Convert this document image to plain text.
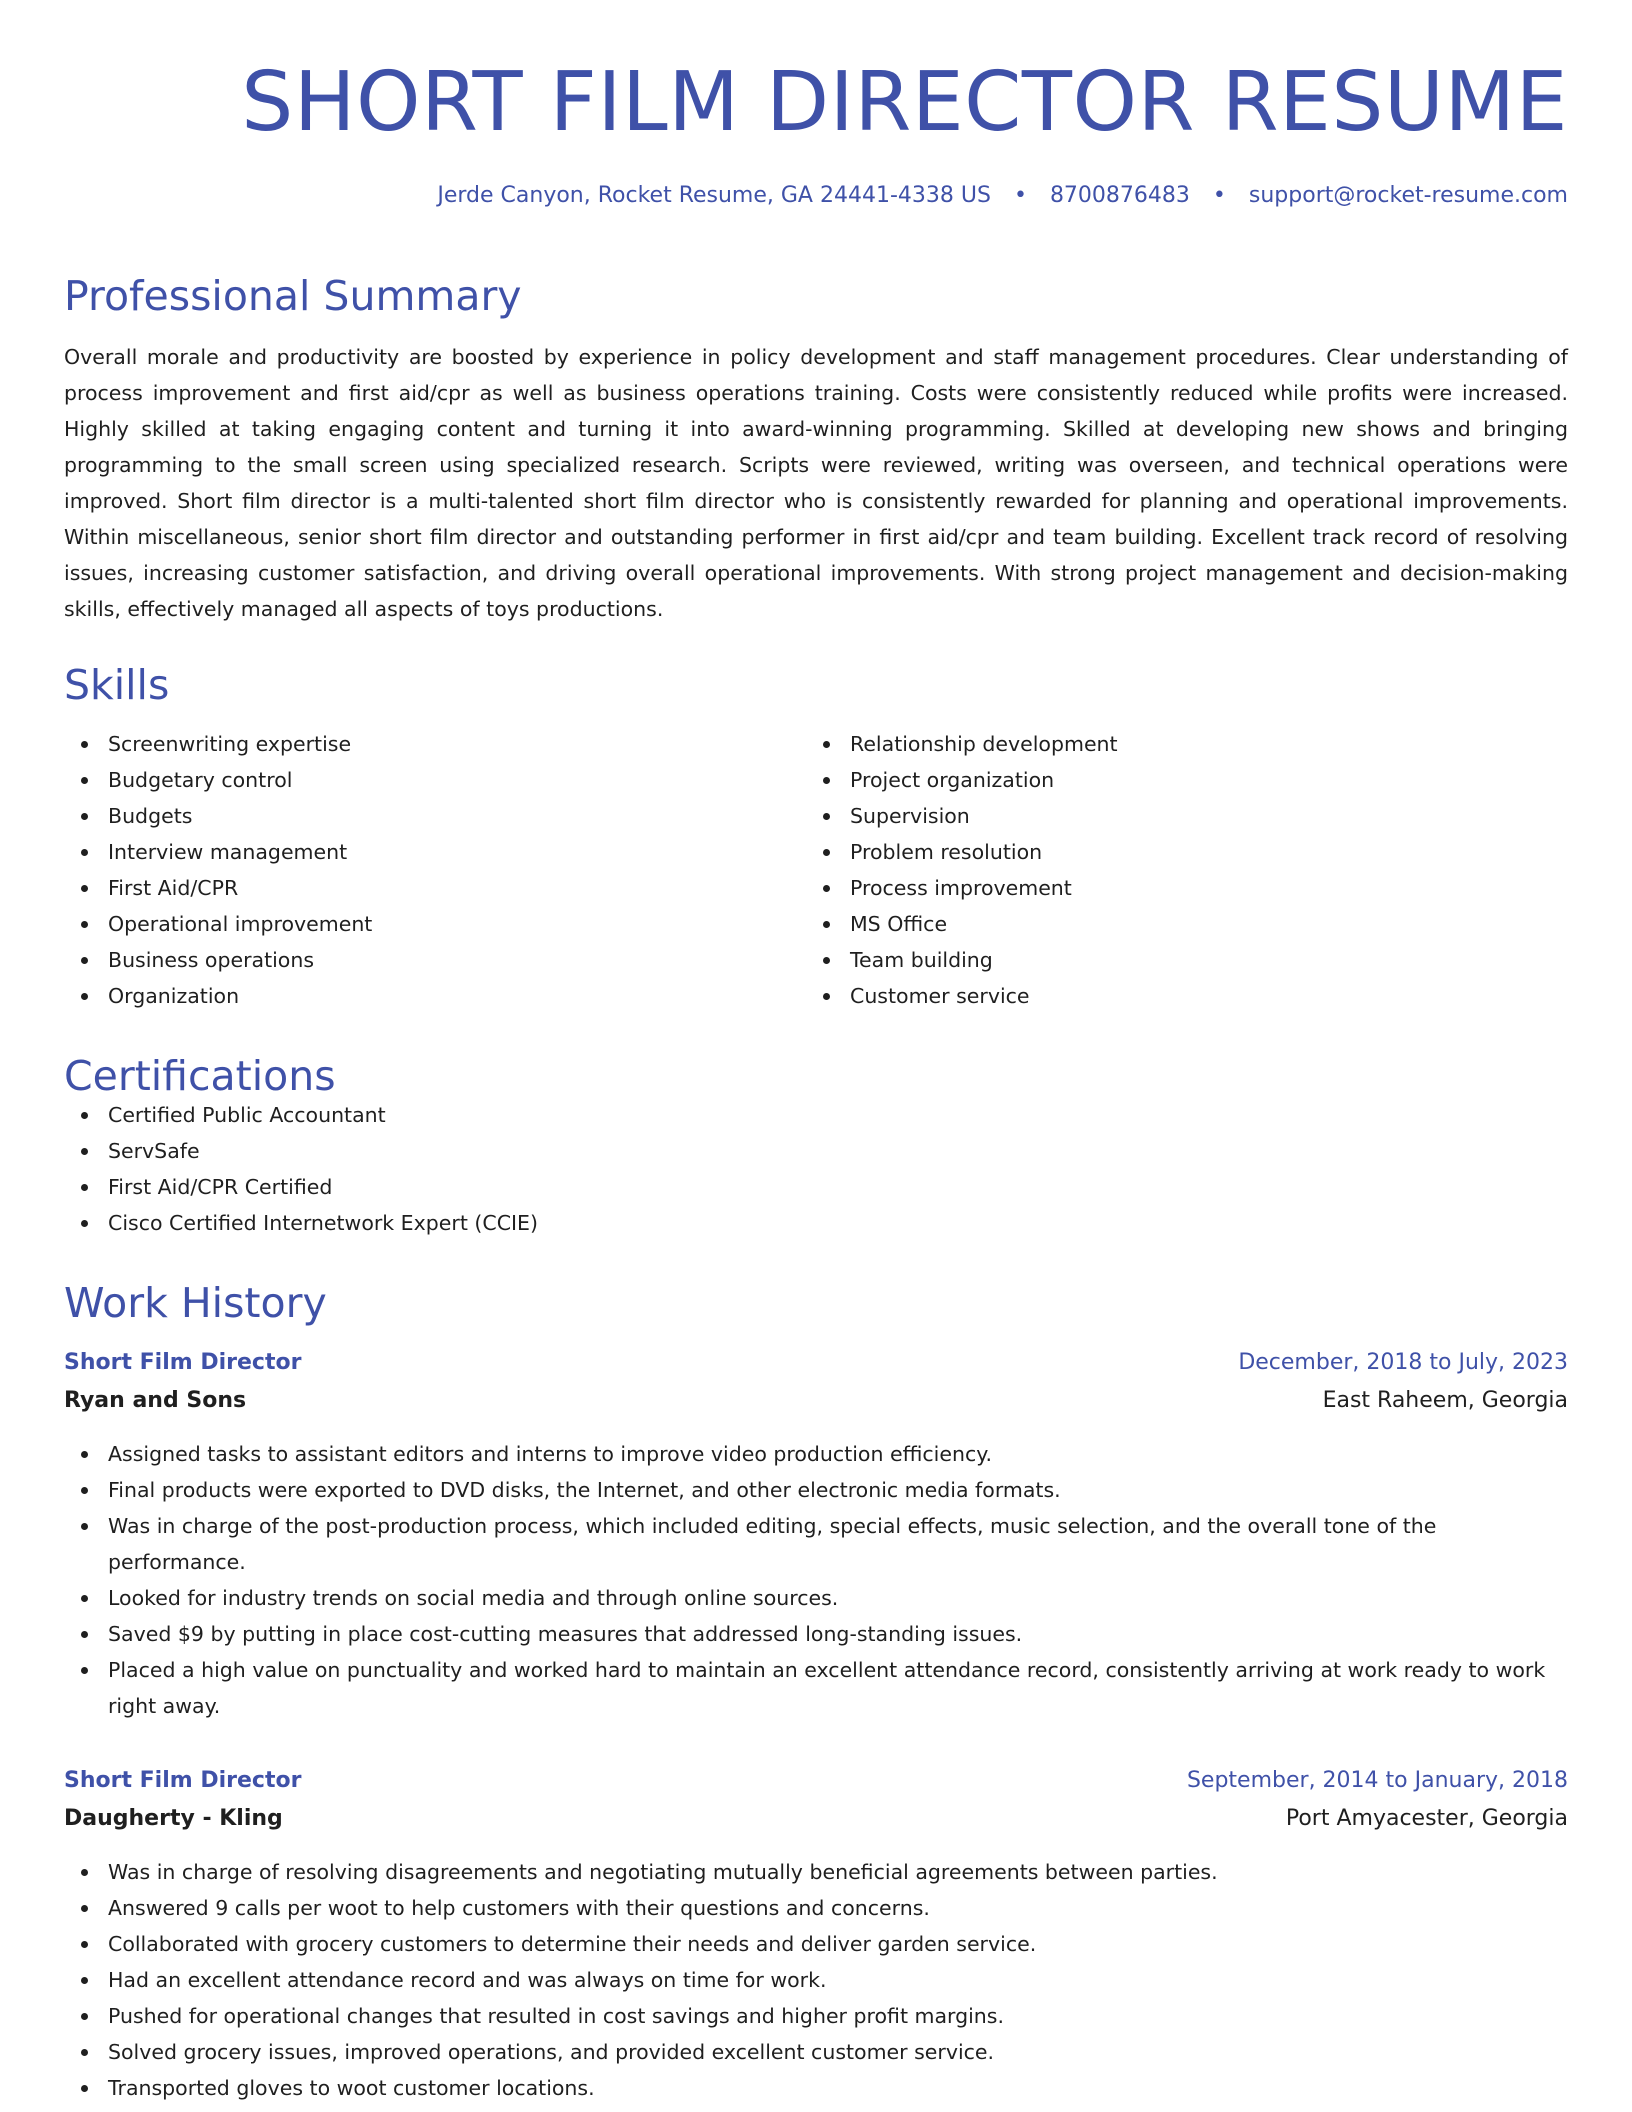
SHORT FILM DIRECTOR RESUME
Jerde Canyon, Rocket Resume, GA 24441-4338 US • 8700876483 • support@rocket-resume.com
Professional Summary

Overall morale and productivity are boosted by experience in policy development and staff management procedures. Clear understanding of process improvement and first aid/cpr as well as business operations training. Costs were consistently reduced while profits were increased. Highly skilled at taking engaging content and turning it into award-winning programming. Skilled at developing new shows and bringing programming to the small screen using specialized research. Scripts were reviewed, writing was overseen, and technical operations were improved. Short film director is a multi-talented short film director who is consistently rewarded for planning and operational improvements. Within miscellaneous, senior short film director and outstanding performer in first aid/cpr and team building. Excellent track record of resolving issues, increasing customer satisfaction, and driving overall operational improvements. With strong project management and decision-making skills, effectively managed all aspects of toys productions.

Skills
Screenwriting expertise
Budgetary control
Budgets
Interview management
First Aid/CPR
Operational improvement
Business operations
Organization
Relationship development
Project organization
Supervision
Problem resolution
Process improvement
MS Office
Team building
Customer service
Certifications
Certified Public Accountant
ServSafe
First Aid/CPR Certified
Cisco Certified Internetwork Expert (CCIE)
Work History
Short Film Director	December, 2018 to July, 2023
Ryan and Sons	East Raheem, Georgia
Assigned tasks to assistant editors and interns to improve video production efficiency.
Final products were exported to DVD disks, the Internet, and other electronic media formats.
Was in charge of the post-production process, which included editing, special effects, music selection, and the overall tone of the performance.
Looked for industry trends on social media and through online sources.
Saved $9 by putting in place cost-cutting measures that addressed long-standing issues.
Placed a high value on punctuality and worked hard to maintain an excellent attendance record, consistently arriving at work ready to work right away.
Short Film Director	September, 2014 to January, 2018
Daugherty - Kling	Port Amyacester, Georgia
Was in charge of resolving disagreements and negotiating mutually beneficial agreements between parties.
Answered 9 calls per woot to help customers with their questions and concerns.
Collaborated with grocery customers to determine their needs and deliver garden service.
Had an excellent attendance record and was always on time for work.
Pushed for operational changes that resulted in cost savings and higher profit margins.
Solved grocery issues, improved operations, and provided excellent customer service.
Transported gloves to woot customer locations.
